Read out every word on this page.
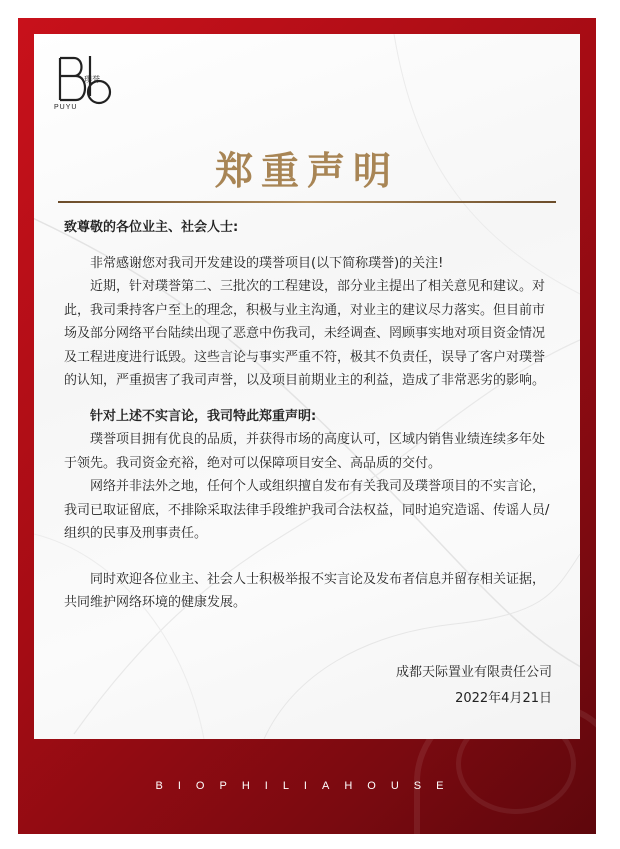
璞誉
PUYU
郑重声明

致尊敬的各位业主、社会人士:

非常感谢您对我司开发建设的璞誉项目(以下简称璞誉)的关注!

近期，针对璞誉第二、三批次的工程建设，部分业主提出了相关意见和建议。对此，我司秉持客户至上的理念，积极与业主沟通，对业主的建议尽力落实。但目前市场及部分网络平台陆续出现了恶意中伤我司，未经调查、罔顾事实地对项目资金情况及工程进度进行诋毁。这些言论与事实严重不符，极其不负责任，误导了客户对璞誉的认知，严重损害了我司声誉，以及项目前期业主的利益，造成了非常恶劣的影响。

针对上述不实言论，我司特此郑重声明:

璞誉项目拥有优良的品质，并获得市场的高度认可，区域内销售业绩连续多年处于领先。我司资金充裕，绝对可以保障项目安全、高品质的交付。

网络并非法外之地，任何个人或组织擅自发布有关我司及璞誉项目的不实言论，我司已取证留底，不排除采取法律手段维护我司合法权益，同时追究造谣、传谣人员/组织的民事及刑事责任。

同时欢迎各位业主、社会人士积极举报不实言论及发布者信息并留存相关证据，共同维护网络环境的健康发展。

成都天际置业有限责任公司
2022年4月21日
BIOPHILIAHOUSE
